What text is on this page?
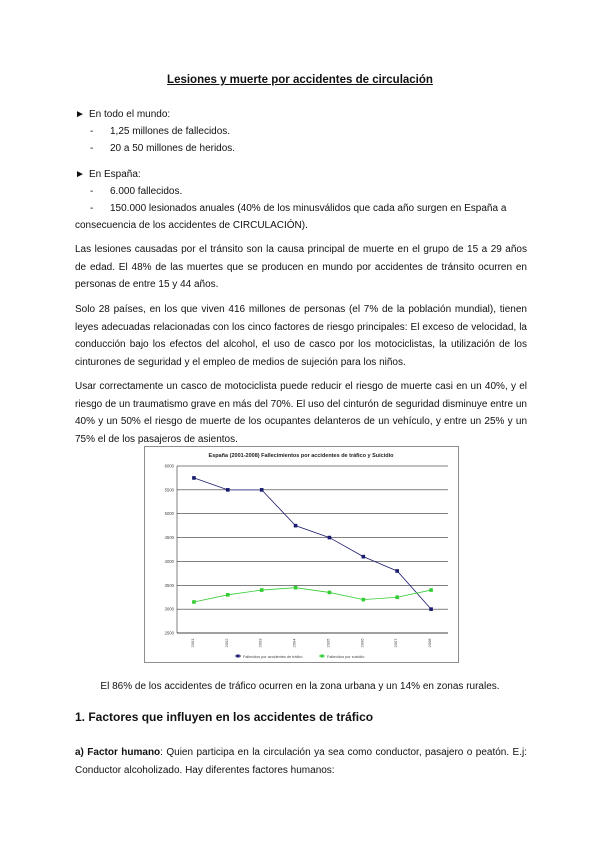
Lesiones y muerte por accidentes de circulación
► En todo el mundo:
- 1,25 millones de fallecidos.
- 20 a 50 millones de heridos.
► En España:
- 6.000 fallecidos.
- 150.000 lesionados anuales (40% de los minusválidos que cada año surgen en España a
consecuencia de los accidentes de CIRCULACIÓN).
Las lesiones causadas por el tránsito son la causa principal de muerte en el grupo de 15 a 29 años de edad. El 48% de las muertes que se producen en mundo por accidentes de tránsito ocurren en personas de entre 15 y 44 años.
Solo 28 países, en los que viven 416 millones de personas (el 7% de la población mundial), tienen leyes adecuadas relacionadas con los cinco factores de riesgo principales: El exceso de velocidad, la conducción bajo los efectos del alcohol, el uso de casco por los motociclistas, la utilización de los cinturones de seguridad y el empleo de medios de sujeción para los niños.
Usar correctamente un casco de motociclista puede reducir el riesgo de muerte casi en un 40%, y el riesgo de un traumatismo grave en más del 70%. El uso del cinturón de seguridad disminuye entre un 40% y un 50% el riesgo de muerte de los ocupantes delanteros de un vehículo, y entre un 25% y un 75% el de los pasajeros de asientos.
España (2001-2008) Fallecimientos por accidentes de tráfico y Suicidio
2500
3000
3500
4000
4500
5000
5500
6000
2001	2002	2003	2004	2005	2006	2007	2008
Fallecidos por accidentes de tráfico	Fallecidos por suicidio
El 86% de los accidentes de tráfico ocurren en la zona urbana y un 14% en zonas rurales.
1. Factores que influyen en los accidentes de tráfico
a) Factor humano: Quien participa en la circulación ya sea como conductor, pasajero o peatón. E.j: Conductor alcoholizado. Hay diferentes factores humanos:
